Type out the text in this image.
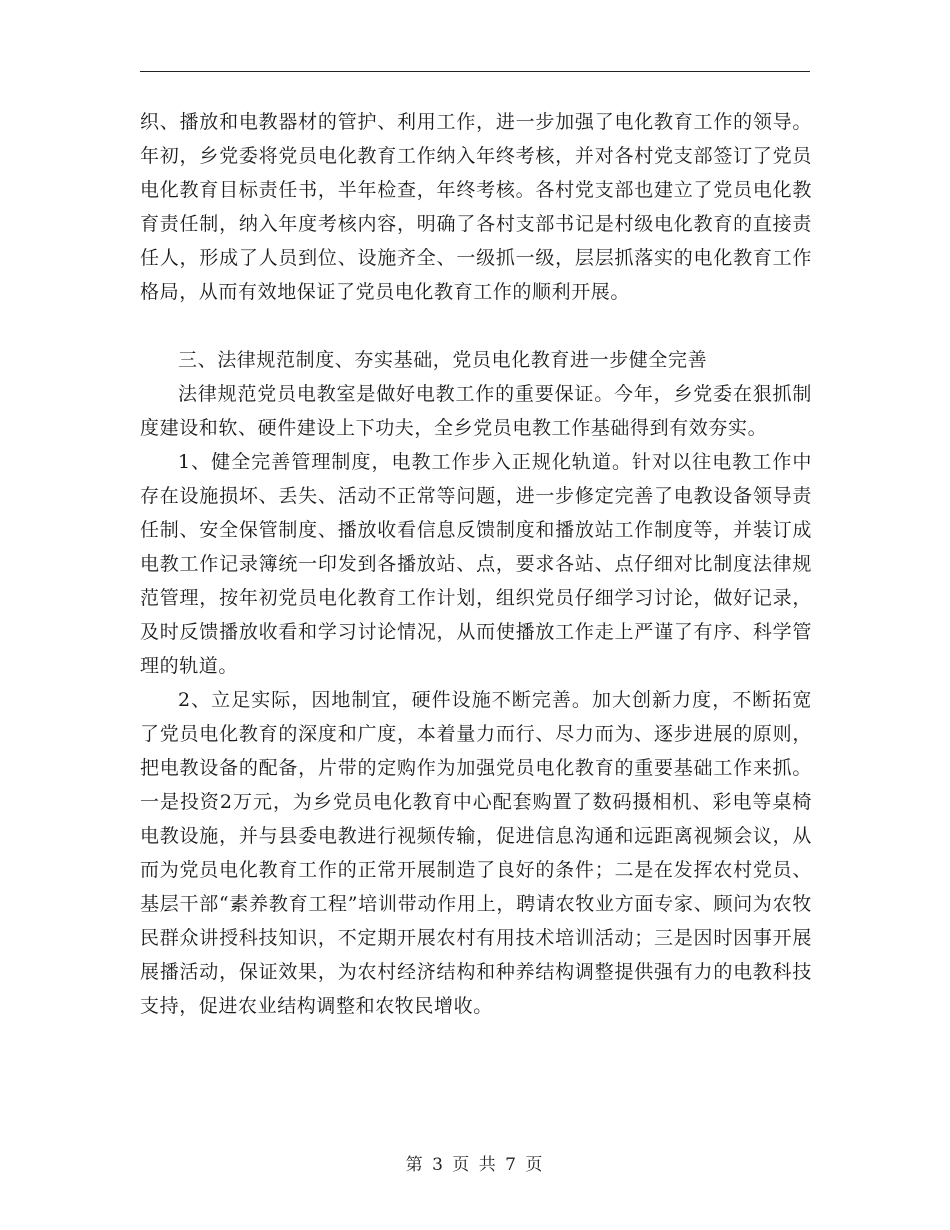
织、播放和电教器材的管护、利用工作，进一步加强了电化教育工作的领导。年初，乡党委将党员电化教育工作纳入年终考核，并对各村党支部签订了党员电化教育目标责任书，半年检查，年终考核。各村党支部也建立了党员电化教育责任制，纳入年度考核内容，明确了各村支部书记是村级电化教育的直接责任人，形成了人员到位、设施齐全、一级抓一级，层层抓落实的电化教育工作格局，从而有效地保证了党员电化教育工作的顺利开展。

三、法律规范制度、夯实基础，党员电化教育进一步健全完善

法律规范党员电教室是做好电教工作的重要保证。今年，乡党委在狠抓制度建设和软、硬件建设上下功夫，全乡党员电教工作基础得到有效夯实。

1、健全完善管理制度，电教工作步入正规化轨道。针对以往电教工作中存在设施损坏、丢失、活动不正常等问题，进一步修定完善了电教设备领导责任制、安全保管制度、播放收看信息反馈制度和播放站工作制度等，并装订成电教工作记录簿统一印发到各播放站、点，要求各站、点仔细对比制度法律规范管理，按年初党员电化教育工作计划，组织党员仔细学习讨论，做好记录，及时反馈播放收看和学习讨论情况，从而使播放工作走上严谨了有序、科学管理的轨道。

2、立足实际，因地制宜，硬件设施不断完善。加大创新力度，不断拓宽了党员电化教育的深度和广度，本着量力而行、尽力而为、逐步进展的原则，把电教设备的配备，片带的定购作为加强党员电化教育的重要基础工作来抓。一是投资2万元，为乡党员电化教育中心配套购置了数码摄相机、彩电等桌椅电教设施，并与县委电教进行视频传输，促进信息沟通和远距离视频会议，从而为党员电化教育工作的正常开展制造了良好的条件；二是在发挥农村党员、基层干部“素养教育工程”培训带动作用上，聘请农牧业方面专家、顾问为农牧民群众讲授科技知识，不定期开展农村有用技术培训活动；三是因时因事开展展播活动，保证效果，为农村经济结构和种养结构调整提供强有力的电教科技支持，促进农业结构调整和农牧民增收。

第 3 页 共 7 页
